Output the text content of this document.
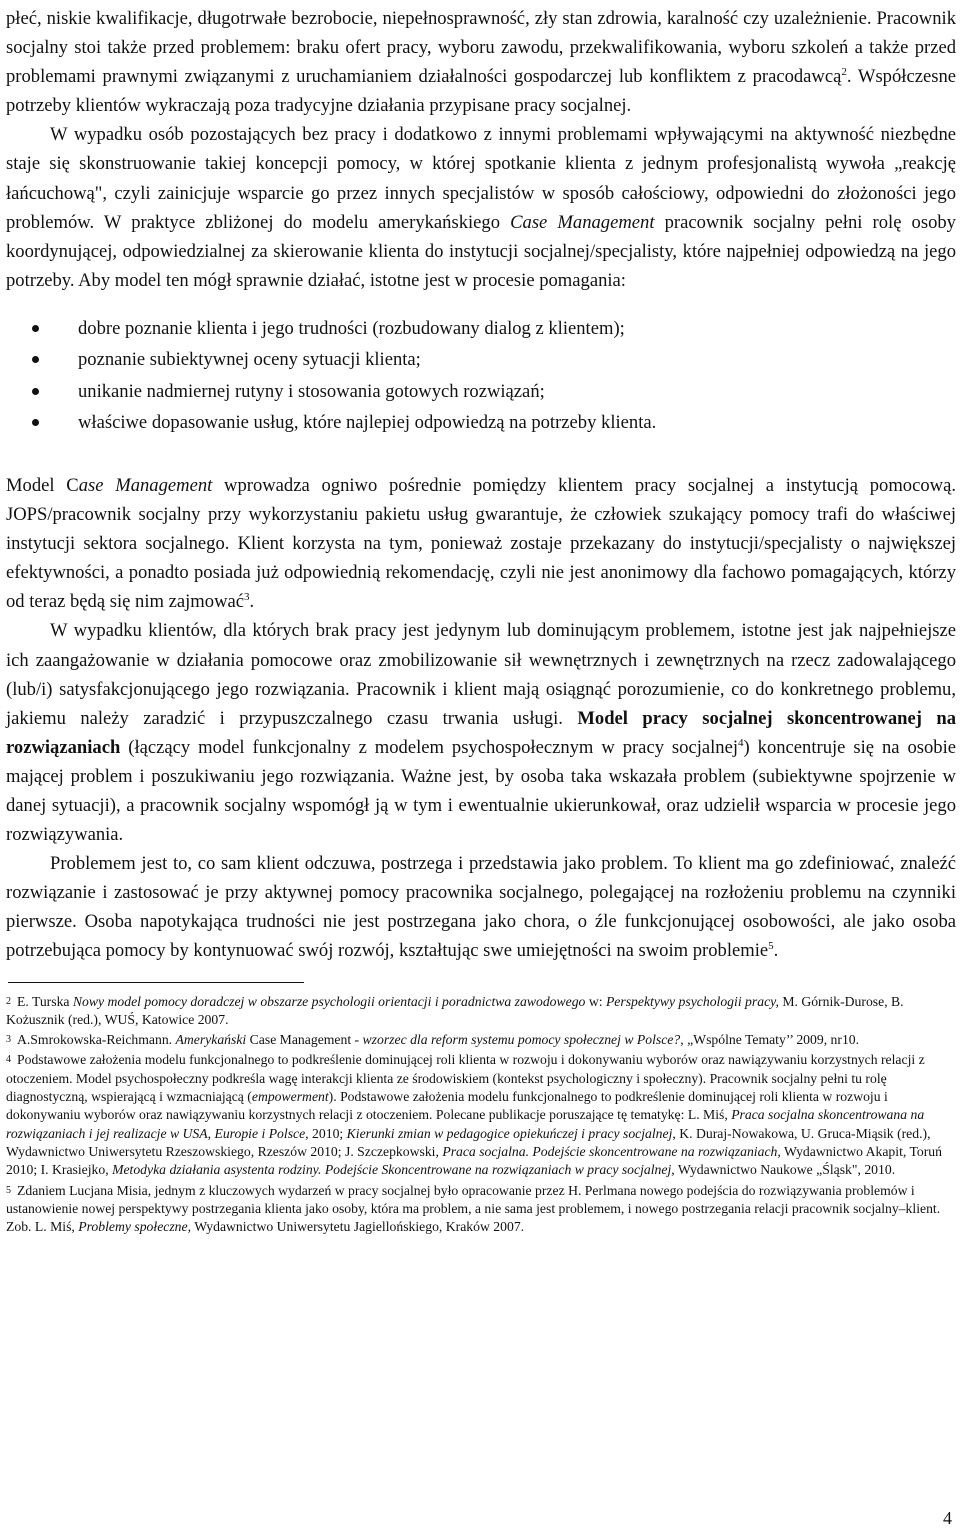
płeć, niskie kwalifikacje, długotrwałe bezrobocie, niepełnosprawność, zły stan zdrowia, karalność czy uzależnienie. Pracownik socjalny stoi także przed problemem: braku ofert pracy, wyboru zawodu, przekwalifikowania, wyboru szkoleń a także przed problemami prawnymi związanymi z uruchamianiem działalności gospodarczej lub konfliktem z pracodawcą$^2$. Współczesne potrzeby klientów wykraczają poza tradycyjne działania przypisane pracy socjalnej.

W wypadku osób pozostających bez pracy i dodatkowo z innymi problemami wpływającymi na aktywność niezbędne staje się skonstruowanie takiej koncepcji pomocy, w której spotkanie klienta z jednym profesjonalistą wywoła „reakcję łańcuchową", czyli zainicjuje wsparcie go przez innych specjalistów w sposób całościowy, odpowiedni do złożoności jego problemów. W praktyce zbliżonej do modelu amerykańskiego Case Management pracownik socjalny pełni rolę osoby koordynującej, odpowiedzialnej za skierowanie klienta do instytucji socjalnej/specjalisty, które najpełniej odpowiedzą na jego potrzeby. Aby model ten mógł sprawnie działać, istotne jest w procesie pomagania:

dobre poznanie klienta i jego trudności (rozbudowany dialog z klientem);
poznanie subiektywnej oceny sytuacji klienta;
unikanie nadmiernej rutyny i stosowania gotowych rozwiązań;
właściwe dopasowanie usług, które najlepiej odpowiedzą na potrzeby klienta.

Model Case Management wprowadza ogniwo pośrednie pomiędzy klientem pracy socjalnej a instytucją pomocową. JOPS/pracownik socjalny przy wykorzystaniu pakietu usług gwarantuje, że człowiek szukający pomocy trafi do właściwej instytucji sektora socjalnego. Klient korzysta na tym, ponieważ zostaje przekazany do instytucji/specjalisty o największej efektywności, a ponadto posiada już odpowiednią rekomendację, czyli nie jest anonimowy dla fachowo pomagających, którzy od teraz będą się nim zajmować$^3$.

W wypadku klientów, dla których brak pracy jest jedynym lub dominującym problemem, istotne jest jak najpełniejsze ich zaangażowanie w działania pomocowe oraz zmobilizowanie sił wewnętrznych i zewnętrznych na rzecz zadowalającego (lub/i) satysfakcjonującego jego rozwiązania. Pracownik i klient mają osiągnąć porozumienie, co do konkretnego problemu, jakiemu należy zaradzić i przypuszczalnego czasu trwania usługi. Model pracy socjalnej skoncentrowanej na rozwiązaniach (łączący model funkcjonalny z modelem psychospołecznym w pracy socjalnej$^4$) koncentruje się na osobie mającej problem i poszukiwaniu jego rozwiązania. Ważne jest, by osoba taka wskazała problem (subiektywne spojrzenie w danej sytuacji), a pracownik socjalny wspomógł ją w tym i ewentualnie ukierunkował, oraz udzielił wsparcia w procesie jego rozwiązywania.

Problemem jest to, co sam klient odczuwa, postrzega i przedstawia jako problem. To klient ma go zdefiniować, znaleźć rozwiązanie i zastosować je przy aktywnej pomocy pracownika socjalnego, polegającej na rozłożeniu problemu na czynniki pierwsze. Osoba napotykająca trudności nie jest postrzegana jako chora, o źle funkcjonującej osobowości, ale jako osoba potrzebująca pomocy by kontynuować swój rozwój, kształtując swe umiejętności na swoim problemie$^5$.

$^2$ E. Turska Nowy model pomocy doradczej w obszarze psychologii orientacji i poradnictwa zawodowego w: Perspektywy psychologii pracy, M. Górnik-Durose, B. Kożusznik (red.), WUŚ, Katowice 2007.

$^3$ A.Smrokowska-Reichmann. Amerykański Case Management - wzorzec dla reform systemu pomocy społecznej w Polsce?, „Wspólne Tematy’’ 2009, nr10.

$^4$ Podstawowe założenia modelu funkcjonalnego to podkreślenie dominującej roli klienta w rozwoju i dokonywaniu wyborów oraz nawiązywaniu korzystnych relacji z otoczeniem. Model psychospołeczny podkreśla wagę interakcji klienta ze środowiskiem (kontekst psychologiczny i społeczny). Pracownik socjalny pełni tu rolę diagnostyczną, wspierającą i wzmacniającą (empowerment). Podstawowe założenia modelu funkcjonalnego to podkreślenie dominującej roli klienta w rozwoju i dokonywaniu wyborów oraz nawiązywaniu korzystnych relacji z otoczeniem. Polecane publikacje poruszające tę tematykę: L. Miś, Praca socjalna skoncentrowana na rozwiązaniach i jej realizacje w USA, Europie i Polsce, 2010; Kierunki zmian w pedagogice opiekuńczej i pracy socjalnej, K. Duraj-Nowakowa, U. Gruca-Miąsik (red.), Wydawnictwo Uniwersytetu Rzeszowskiego, Rzeszów 2010; J. Szczepkowski, Praca socjalna. Podejście skoncentrowane na rozwiązaniach, Wydawnictwo Akapit, Toruń 2010; I. Krasiejko, Metodyka działania asystenta rodziny. Podejście Skoncentrowane na rozwiązaniach w pracy socjalnej, Wydawnictwo Naukowe „Śląsk", 2010.

$^5$ Zdaniem Lucjana Misia, jednym z kluczowych wydarzeń w pracy socjalnej było opracowanie przez H. Perlmana nowego podejścia do rozwiązywania problemów i ustanowienie nowej perspektywy postrzegania klienta jako osoby, która ma problem, a nie sama jest problemem, i nowego postrzegania relacji pracownik socjalny–klient. Zob. L. Miś, Problemy społeczne, Wydawnictwo Uniwersytetu Jagiellońskiego, Kraków 2007.

4
